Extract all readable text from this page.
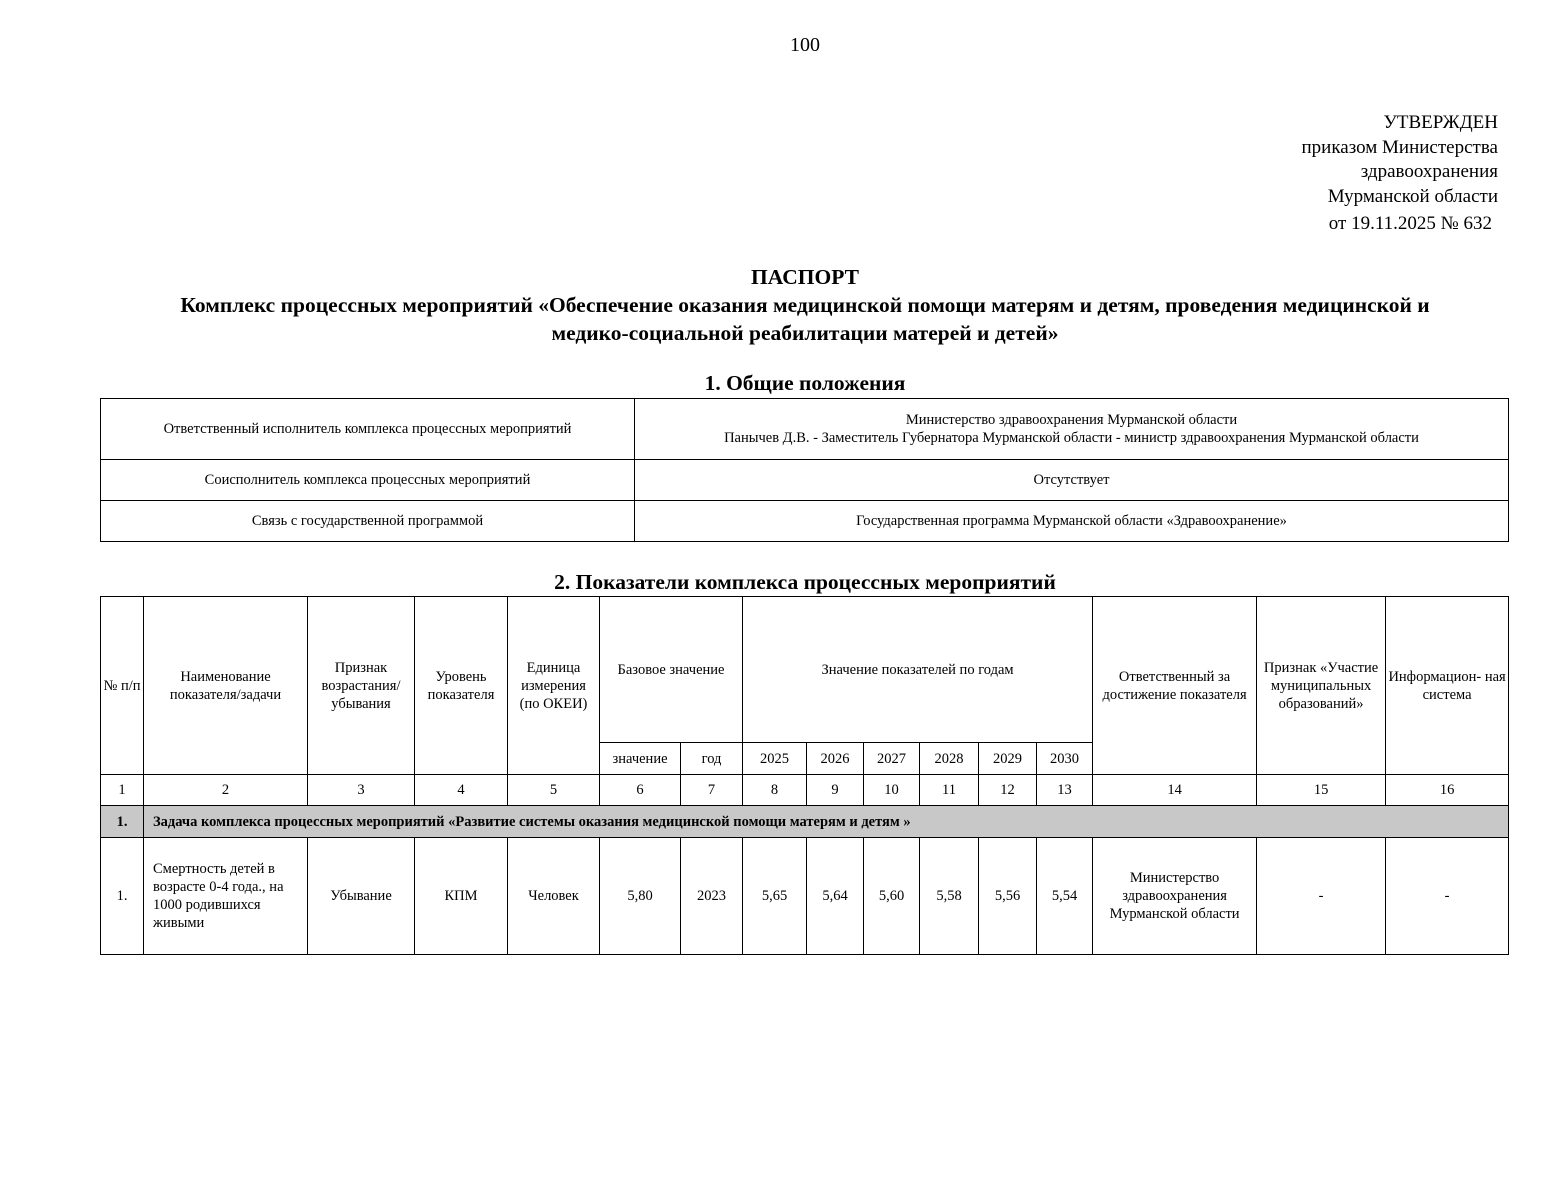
100
УТВЕРЖДЕН
приказом Министерства
здравоохранения
Мурманской области
от 19.11.2025 № 632
ПАСПОРТ
Комплекс процессных мероприятий «Обеспечение оказания медицинской помощи матерям и детям, проведения медицинской и
медико-социальной реабилитации матерей и детей»
1. Общие положения
Ответственный исполнитель комплекса процессных мероприятий	Министерство здравоохранения Мурманской области
Панычев Д.В. - Заместитель Губернатора Мурманской области - министр здравоохранения Мурманской области

Соисполнитель комплекса процессных мероприятий	Отсутствует
Связь с государственной программой	Государственная программа Мурманской области «Здравоохранение»
2. Показатели комплекса процессных мероприятий
№ п/п	Наименование показателя/задачи	Признак возрастания/ убывания	Уровень показателя	Единица измерения (по ОКЕИ)	Базовое значение		Значение показателей по годам						Ответственный за достижение показателя	Признак «Участие муниципальных образований»	Информацион- ная система
					значение	год	2025	2026	2027	2028	2029	2030			
1	2	3	4	5	6	7	8	9	10	11	12	13	14	15	16
1.	Задача комплекса процессных мероприятий «Развитие системы оказания медицинской помощи матерям и детям »														
1.	Смертность детей в возрасте 0-4 года., на 1000 родившихся живыми	Убывание	КПМ	Человек	5,80	2023	5,65	5,64	5,60	5,58	5,56	5,54	Министерство здравоохранения Мурманской области	-	-
